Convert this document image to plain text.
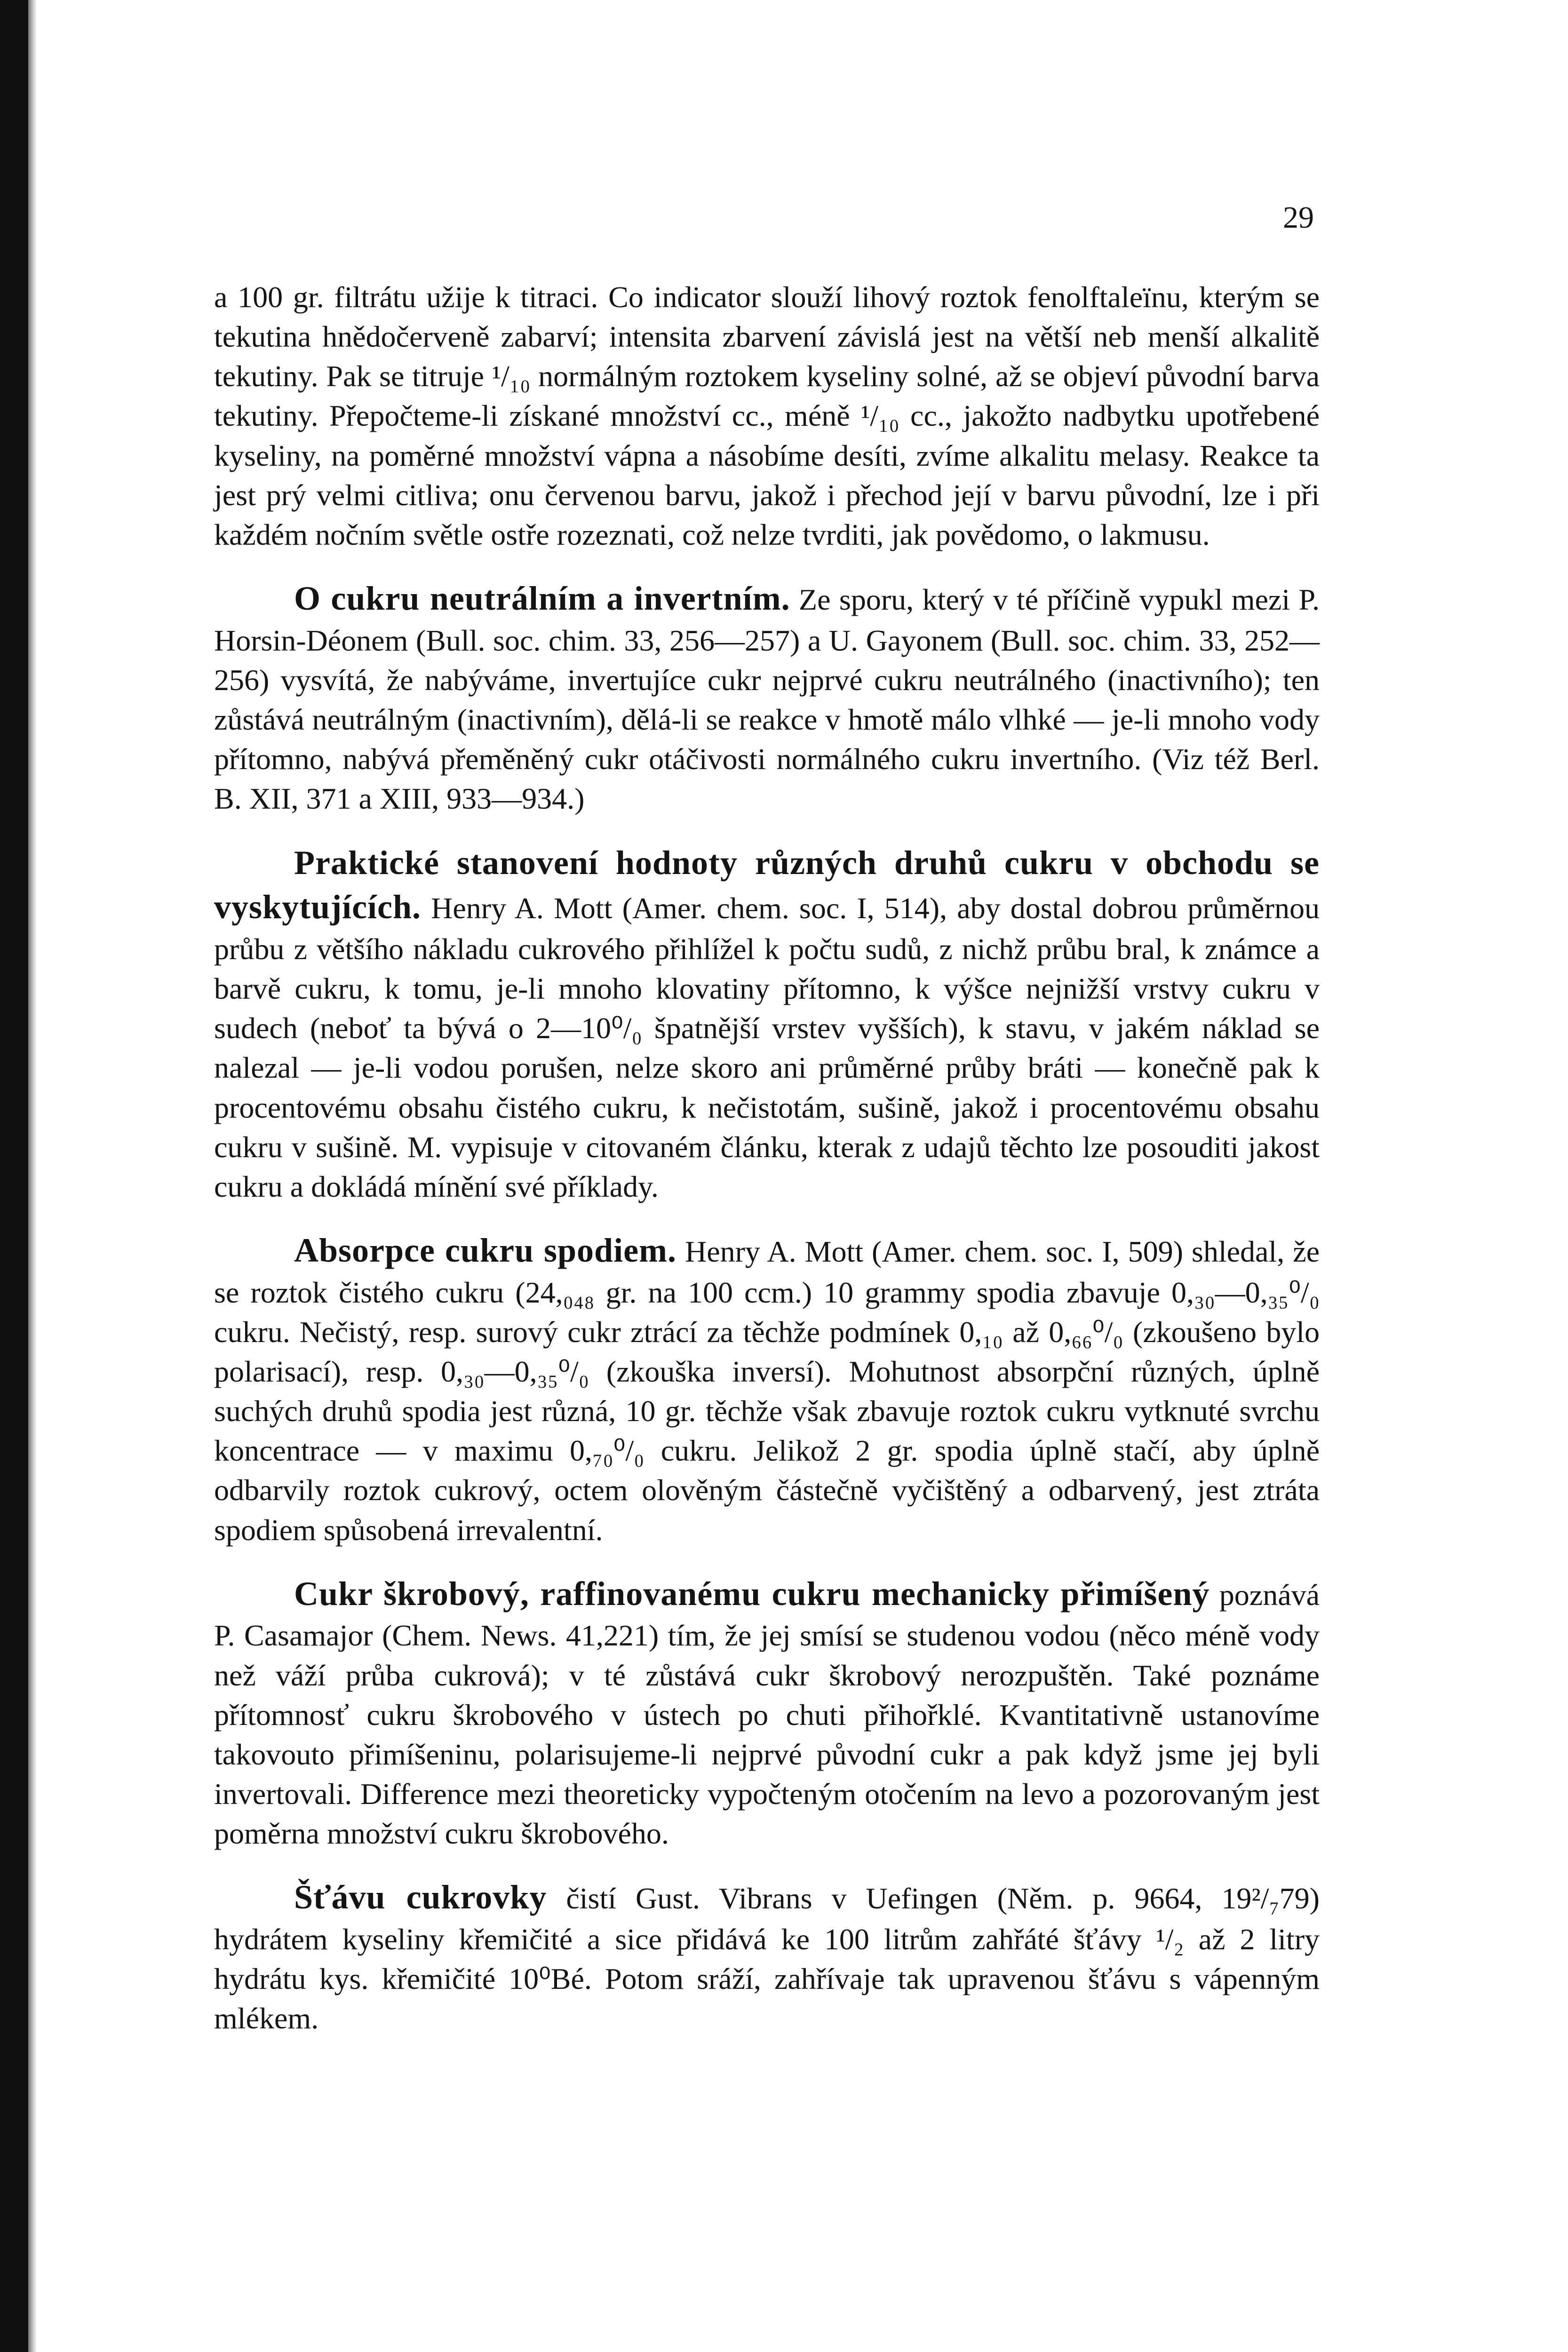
29

a 100 gr. filtrátu užije k titraci. Co indicator slouží lihový roztok fenolftaleïnu, kterým se tekutina hnědočerveně zabarví; intensita zbarvení závislá jest na větší neb menší alkalitě tekutiny. Pak se titruje ¹/₁₀ normálným roztokem kyseliny solné, až se objeví původní barva tekutiny. Přepočteme-li získané množství cc., méně ¹/₁₀ cc., jakožto nadbytku upotřebené kyseliny, na poměrné množství vápna a násobíme desíti, zvíme alkalitu melasy. Reakce ta jest prý velmi citliva; onu červenou barvu, jakož i přechod její v barvu původní, lze i při každém nočním světle ostře rozeznati, což nelze tvrditi, jak povědomo, o lakmusu.

O cukru neutrálním a invertním. Ze sporu, který v té příčině vypukl mezi P. Horsin-Déonem (Bull. soc. chim. 33, 256—257) a U. Gayonem (Bull. soc. chim. 33, 252—256) vysvítá, že nabýváme, invertujíce cukr nejprvé cukru neutrálného (inactivního); ten zůstává neutrálným (inactivním), dělá-li se reakce v hmotě málo vlhké — je-li mnoho vody přítomno, nabývá přeměněný cukr otáčivosti normálného cukru invertního. (Viz též Berl. B. XII, 371 a XIII, 933—934.)

Praktické stanovení hodnoty různých druhů cukru v obchodu se vyskytujících. Henry A. Mott (Amer. chem. soc. I, 514), aby dostal dobrou průměrnou průbu z většího nákladu cukrového přihlížel k počtu sudů, z nichž průbu bral, k známce a barvě cukru, k tomu, je-li mnoho klovatiny přítomno, k výšce nejnižší vrstvy cukru v sudech (neboť ta bývá o 2—10⁰/₀ špatnější vrstev vyšších), k stavu, v jakém náklad se nalezal — je-li vodou porušen, nelze skoro ani průměrné průby bráti — konečně pak k procentovému obsahu čistého cukru, k nečistotám, sušině, jakož i procentovému obsahu cukru v sušině. M. vypisuje v citovaném článku, kterak z udajů těchto lze posouditi jakost cukru a dokládá mínění své příklady.

Absorpce cukru spodiem. Henry A. Mott (Amer. chem. soc. I, 509) shledal, že se roztok čistého cukru (24,₀₄₈ gr. na 100 ccm.) 10 grammy spodia zbavuje 0,₃₀—0,₃₅⁰/₀ cukru. Nečistý, resp. surový cukr ztrácí za těchže podmínek 0,₁₀ až 0,₆₆⁰/₀ (zkoušeno bylo polarisací), resp. 0,₃₀—0,₃₅⁰/₀ (zkouška inversí). Mohutnost absorpční různých, úplně suchých druhů spodia jest různá, 10 gr. těchže však zbavuje roztok cukru vytknuté svrchu koncentrace — v maximu 0,₇₀⁰/₀ cukru. Jelikož 2 gr. spodia úplně stačí, aby úplně odbarvily roztok cukrový, octem olověným částečně vyčištěný a odbarvený, jest ztráta spodiem spůsobená irrevalentní.

Cukr škrobový, raffinovanému cukru mechanicky přimíšený poznává P. Casamajor (Chem. News. 41,221) tím, že jej smísí se studenou vodou (něco méně vody než váží průba cukrová); v té zůstává cukr škrobový nerozpuštěn. Také poznáme přítomnosť cukru škrobového v ústech po chuti přihořklé. Kvantitativně ustanovíme takovouto přimíšeninu, polarisujeme-li nejprvé původní cukr a pak když jsme jej byli invertovali. Difference mezi theoreticky vypočteným otočením na levo a pozorovaným jest poměrna množství cukru škrobového.

Šťávu cukrovky čistí Gust. Vibrans v Uefingen (Něm. p. 9664, 19²/₇79) hydrátem kyseliny křemičité a sice přidává ke 100 litrům zahřáté šťávy ¹/₂ až 2 litry hydrátu kys. křemičité 10⁰Bé. Potom sráží, zahřívaje tak upravenou šťávu s vápenným mlékem.
